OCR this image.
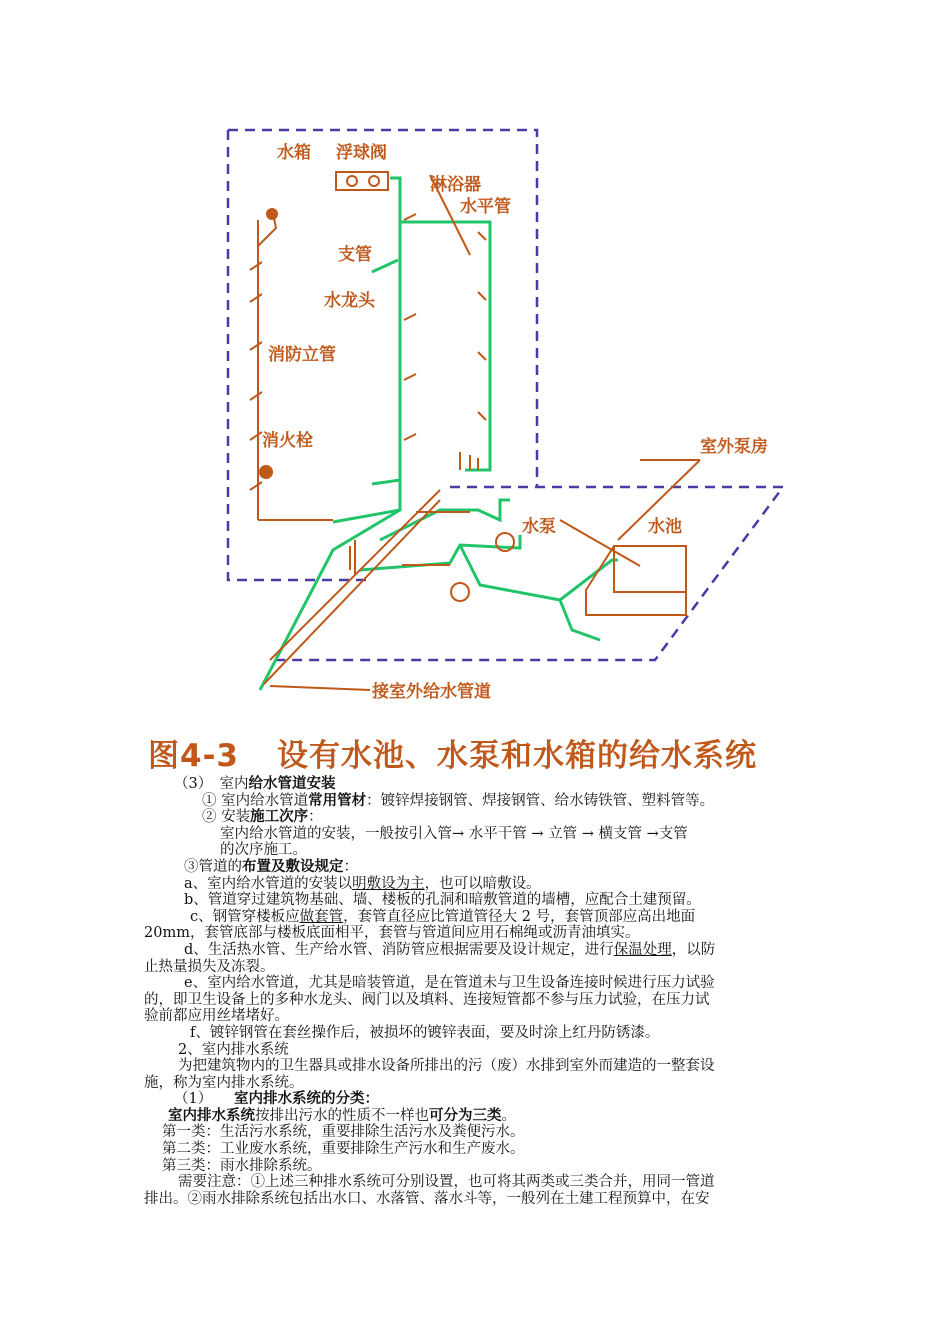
水箱 浮球阀
淋浴器
水平管
支管
水龙头
消防立管
消火栓	室外泵房
水泵	水池
接室外给水管道
图4-3 设有水池、水泵和水箱的给水系统

（3）　室内给水管道安装

① 室内给水管道常用管材：镀锌焊接钢管、焊接钢管、给水铸铁管、塑料管等。

② 安装施工次序：

室内给水管道的安装，一般按引入管→ 水平干管 → 立管 → 横支管 →支管

的次序施工。

③管道的布置及敷设规定：

a、室内给水管道的安装以明敷设为主，也可以暗敷设。

b、管道穿过建筑物基础、墙、楼板的孔洞和暗敷管道的墙槽，应配合土建预留。

c、钢管穿楼板应做套管，套管直径应比管道管径大 2 号，套管顶部应高出地面

20mm，套管底部与楼板底面相平，套管与管道间应用石棉绳或沥青油填实。

d、生活热水管、生产给水管、消防管应根据需要及设计规定，进行保温处理，以防

止热量损失及冻裂。

e、室内给水管道，尤其是暗装管道，是在管道未与卫生设备连接时候进行压力试验

的，即卫生设备上的多种水龙头、阀门以及填料、连接短管都不参与压力试验，在压力试

验前都应用丝堵堵好。

f、镀锌钢管在套丝操作后，被损坏的镀锌表面，要及时涂上红丹防锈漆。

2、室内排水系统

为把建筑物内的卫生器具或排水设备所排出的污（废）水排到室外而建造的一整套设

施，称为室内排水系统。

（1）　　室内排水系统的分类：

室内排水系统按排出污水的性质不一样也可分为三类。

第一类：生活污水系统，重要排除生活污水及粪便污水。

第二类：工业废水系统，重要排除生产污水和生产废水。

第三类：雨水排除系统。

需要注意：①上述三种排水系统可分别设置，也可将其两类或三类合并，用同一管道

排出。②雨水排除系统包括出水口、水落管、落水斗等，一般列在土建工程预算中，在安
